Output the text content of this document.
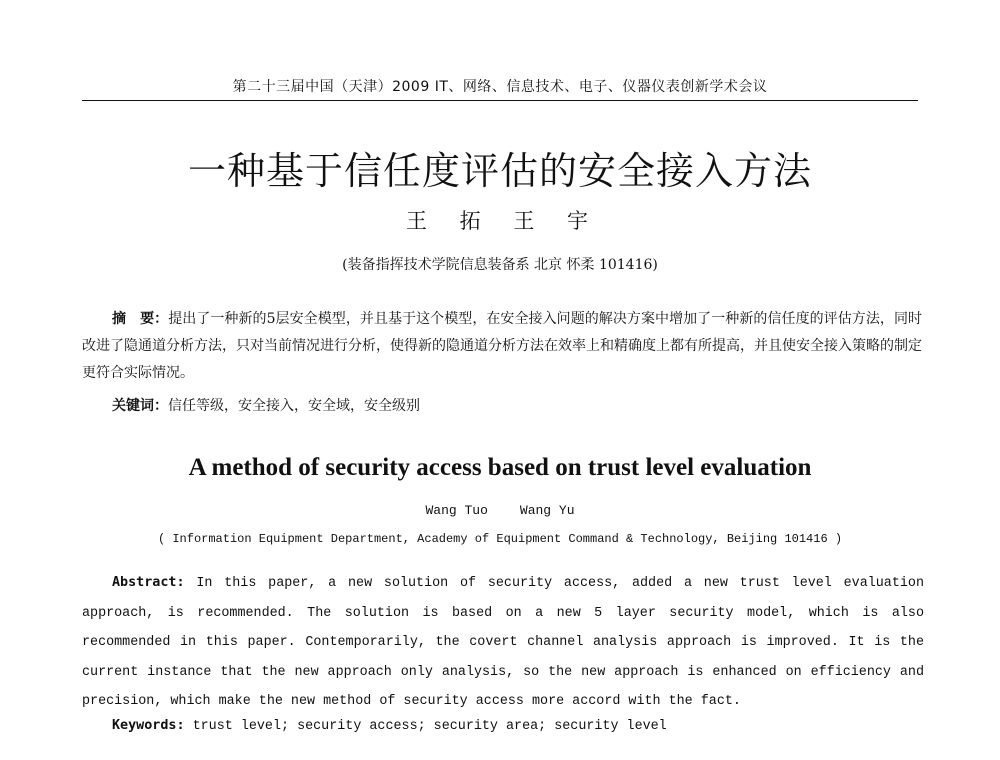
第二十三届中国（天津）2009 IT、网络、信息技术、电子、仪器仪表创新学术会议
一种基于信任度评估的安全接入方法
王 拓 王 宇
(装备指挥技术学院信息装备系 北京 怀柔 101416)
摘　要：提出了一种新的5层安全模型，并且基于这个模型，在安全接入问题的解决方案中增加了一种新的信任度的评估方法，同时改进了隐通道分析方法，只对当前情况进行分析，使得新的隐通道分析方法在效率上和精确度上都有所提高，并且使安全接入策略的制定更符合实际情况。
关键词：信任等级，安全接入，安全域，安全级别
A method of security access based on trust level evaluation
Wang Tuo Wang Yu
( Information Equipment Department, Academy of Equipment Command & Technology, Beijing 101416 )
Abstract: In this paper, a new solution of security access, added a new trust level evaluation approach, is recommended. The solution is based on a new 5 layer security model, which is also recommended in this paper. Contemporarily, the covert channel analysis approach is improved. It is the current instance that the new approach only analysis, so the new approach is enhanced on efficiency and precision, which make the new method of security access more accord with the fact.
Keywords: trust level; security access; security area; security level
